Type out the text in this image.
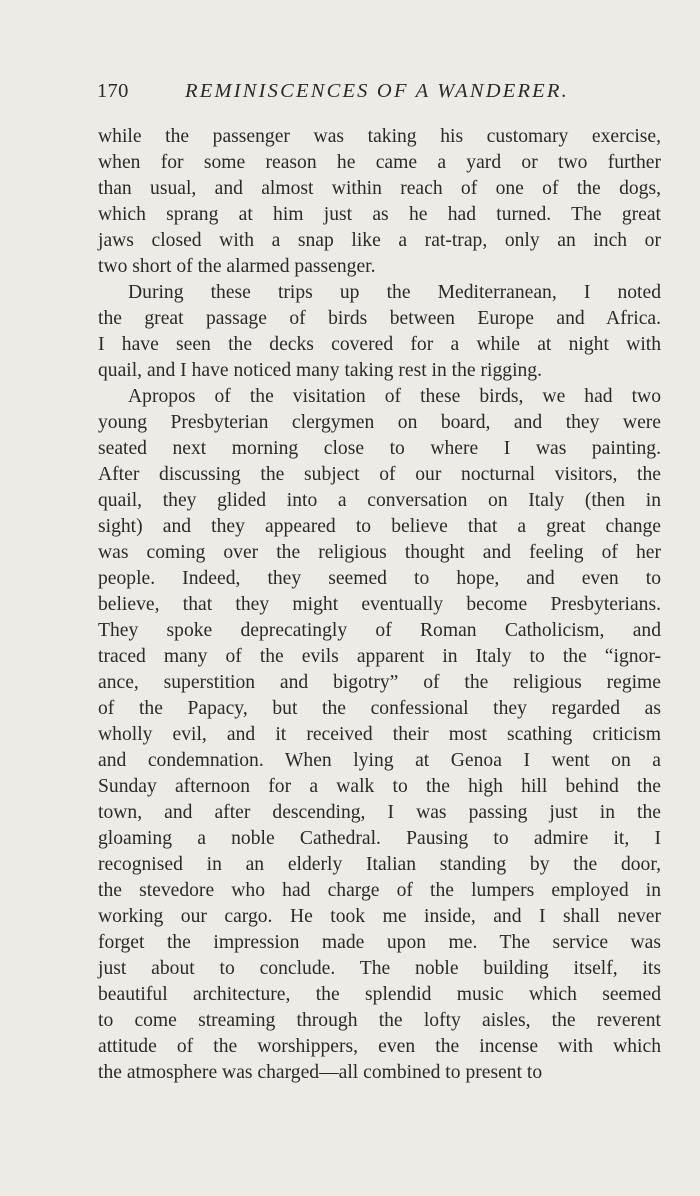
170	REMINISCENCES OF A WANDERER.
while the passenger was taking his customary exercise,
when for some reason he came a yard or two further
than usual, and almost within reach of one of the dogs,
which sprang at him just as he had turned. The great
jaws closed with a snap like a rat-trap, only an inch or
two short of the alarmed passenger.
During these trips up the Mediterranean, I noted
the great passage of birds between Europe and Africa.
I have seen the decks covered for a while at night with
quail, and I have noticed many taking rest in the rigging.
Apropos of the visitation of these birds, we had two
young Presbyterian clergymen on board, and they were
seated next morning close to where I was painting.
After discussing the subject of our nocturnal visitors, the
quail, they glided into a conversation on Italy (then in
sight) and they appeared to believe that a great change
was coming over the religious thought and feeling of her
people. Indeed, they seemed to hope, and even to
believe, that they might eventually become Presbyterians.
They spoke deprecatingly of Roman Catholicism, and
traced many of the evils apparent in Italy to the “ignor-
ance, superstition and bigotry” of the religious regime
of the Papacy, but the confessional they regarded as
wholly evil, and it received their most scathing criticism
and condemnation. When lying at Genoa I went on a
Sunday afternoon for a walk to the high hill behind the
town, and after descending, I was passing just in the
gloaming a noble Cathedral. Pausing to admire it, I
recognised in an elderly Italian standing by the door,
the stevedore who had charge of the lumpers employed in
working our cargo. He took me inside, and I shall never
forget the impression made upon me. The service was
just about to conclude. The noble building itself, its
beautiful architecture, the splendid music which seemed
to come streaming through the lofty aisles, the reverent
attitude of the worshippers, even the incense with which
the atmosphere was charged—all combined to present to
